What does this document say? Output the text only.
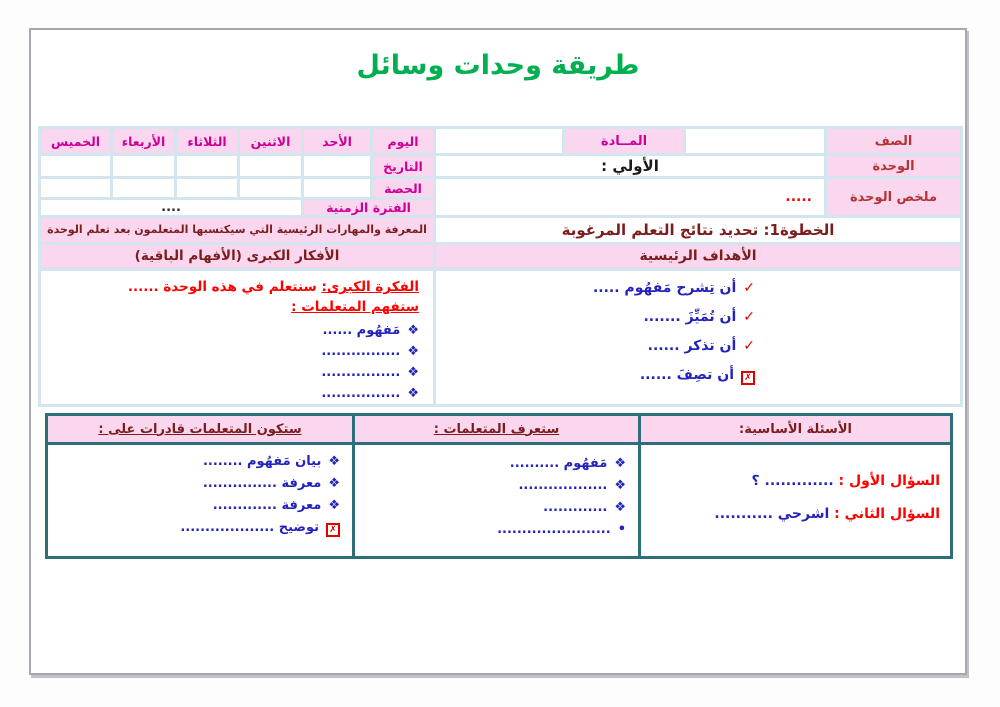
طريقة وحدات وسائل
الصف
المــادة
الوحدة
الأولي :
ملخص الوحدة
.....
اليوم
الأحد
الاثنين
الثلاثاء
الأربعاء
الخميس
التاريخ
الحصة
الفترة الزمنية
....
الخطوة1: تحديد نتائج التعلم المرغوبة
المعرفة والمهارات الرئيسية التي سيكتسبها المتعلمون بعد تعلم الوحدة
الأهداف الرئيسية
الأفكار الكبرى (الأفهام الباقية)
✓أن تِشرح مَفهُوم .....
✓أن تُمَيِّزَ .......
✓أن تذكر ......
✗أن تصِفَ ......
الفكرة الكبرى: سنتعلم في هذه الوحدة ......
ستفهم المتعلمات :
❖مَفهُوم ......
❖................
❖................
❖................
الأسئلة الأساسية:
ستعرف المتعلمات :
ستكون المتعلمات قادرات على :
السؤال الأول : ............. ؟
السؤال الثاني : اشرحي ...........
❖مَفهُوم ..........
❖..................
❖.............
•.......................
❖بيان مَفهُوم ........
❖معرفة ...............
❖معرفة .............
✗توضيح ...................
